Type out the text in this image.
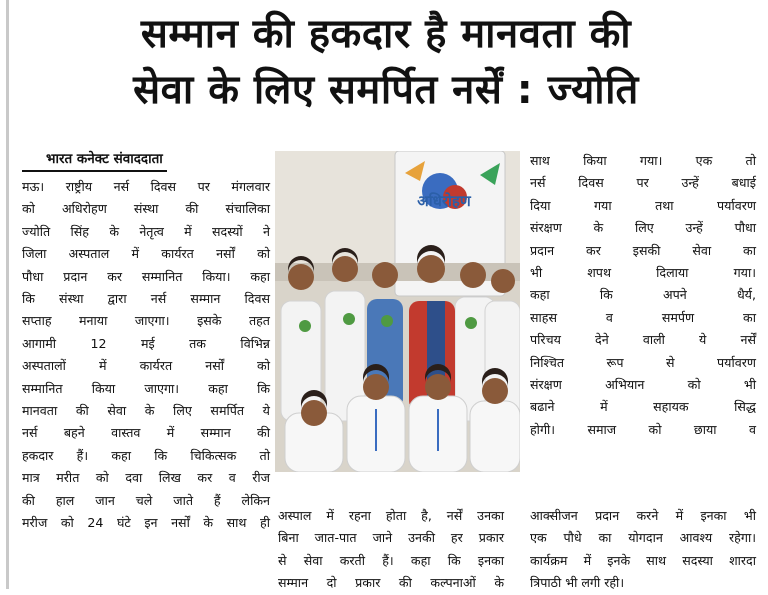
सम्मान की हकदार है मानवता की
सेवा के लिए समर्पित नर्सें : ज्योति
भारत कनेक्ट संवाददाता

मऊ। राष्ट्रीय नर्स दिवस पर मंगलवार

को अधिरोहण संस्था की संचालिका

ज्योति सिंह के नेतृत्व में सदस्यों ने

जिला अस्पताल में कार्यरत नर्सों को

पौधा प्रदान कर सम्मानित किया। कहा

कि संस्था द्वारा नर्स सम्मान दिवस

सप्ताह मनाया जाएगा। इसके तहत

आगामी 12 मई तक विभिन्न

अस्पतालों में कार्यरत नर्सों को

सम्मानित किया जाएगा। कहा कि

मानवता की सेवा के लिए समर्पित ये

नर्स बहने वास्तव में सम्मान की

हकदार हैं। कहा कि चिकित्सक तो

मात्र मरीत को दवा लिख कर व रीज

की हाल जान चले जाते हैं लेकिन

मरीज को 24 घंटे इन नर्सों के साथ ही

अधिरोहण

साथ किया गया। एक तो

नर्स दिवस पर उन्हें बधाई

दिया गया तथा पर्यावरण

संरक्षण के लिए उन्हें पौधा

प्रदान कर इसकी सेवा का

भी शपथ दिलाया गया।

कहा कि अपने धैर्य,

साहस व समर्पण का

परिचय देने वाली ये नर्सें

निश्चित रूप से पर्यावरण

संरक्षण अभियान को भी

बढाने में सहायक सिद्ध

होगी। समाज को छाया व

अस्पाल में रहना होता है, नर्सें उनका

बिना जात-पात जाने उनकी हर प्रकार

से सेवा करती हैं। कहा कि इनका

सम्मान दो प्रकार की कल्पनाओं के

आक्सीजन प्रदान करने में इनका भी

एक पौधे का योगदान आवश्य रहेगा।

कार्यक्रम में इनके साथ सदस्या शारदा

त्रिपाठी भी लगी रही।
